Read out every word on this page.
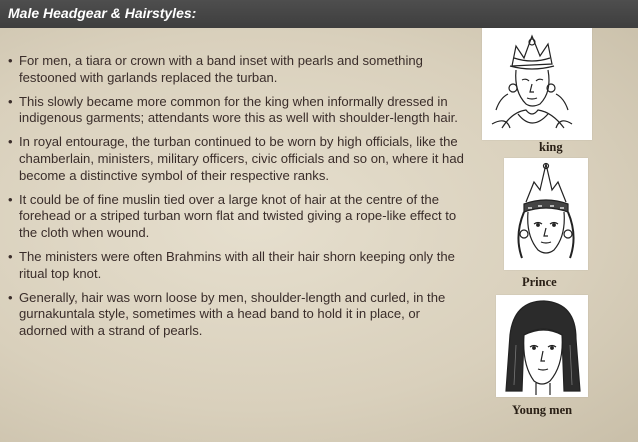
Male Headgear & Hairstyles:
• For men, a tiara or crown with a band inset with pearls and something festooned with garlands replaced the turban.
• This slowly became more common for the king when informally dressed in indigenous garments; attendants wore this as well with shoulder-length hair.
• In royal entourage, the turban continued to be worn by high officials, like the chamberlain, ministers, military officers, civic officials and so on, where it had become a distinctive symbol of their respective ranks.
• It could be of fine muslin tied over a large knot of hair at the centre of the forehead or a striped turban worn flat and twisted giving a rope-like effect to the cloth when wound.
• The ministers were often Brahmins with all their hair shorn keeping only the ritual top knot.
• Generally, hair was worn loose by men, shoulder-length and curled, in the gurnakuntala style, sometimes with a head band to hold it in place, or adorned with a strand of pearls.
king
Prince
Young men
